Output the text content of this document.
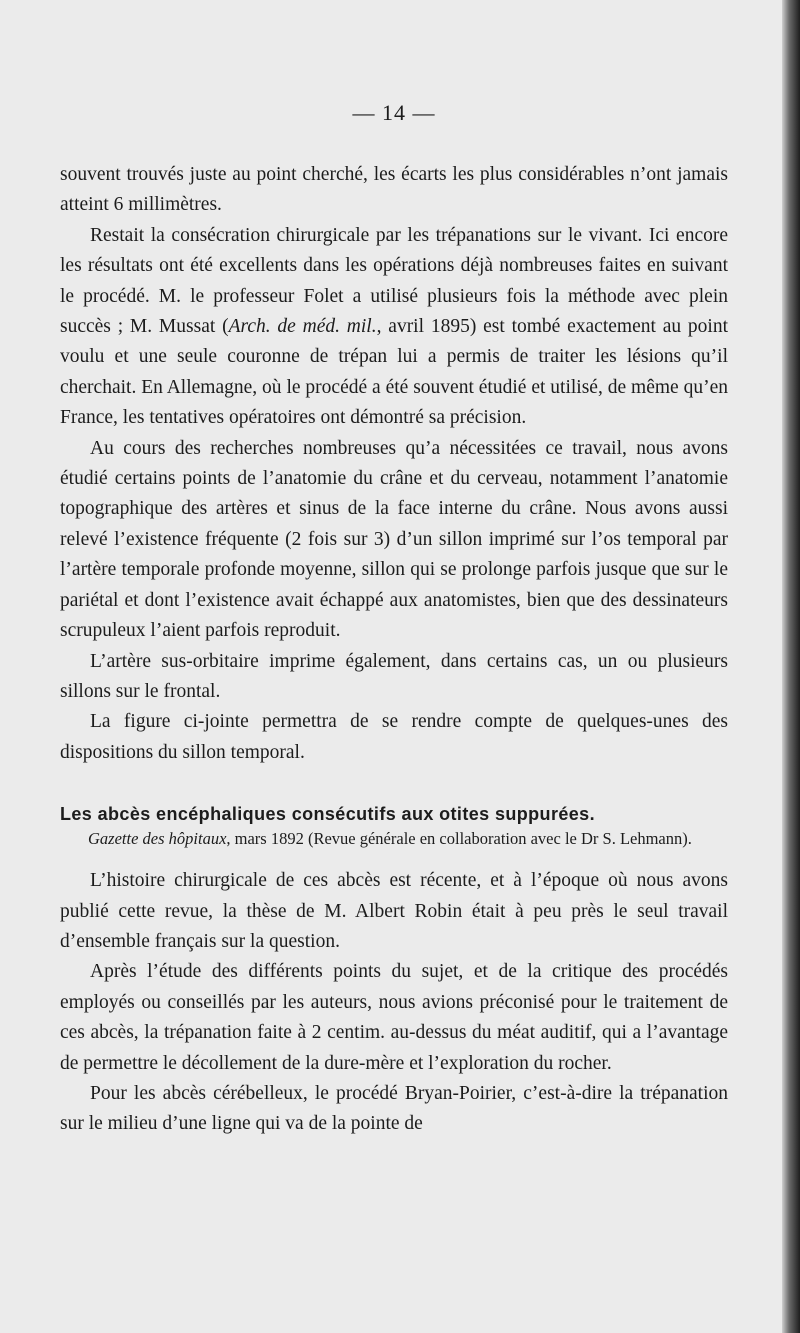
— 14 —

souvent trouvés juste au point cherché, les écarts les plus considérables n’ont jamais atteint 6 millimètres.

Restait la consécration chirurgicale par les trépanations sur le vivant. Ici encore les résultats ont été excellents dans les opérations déjà nombreuses faites en suivant le procédé. M. le professeur Folet a utilisé plusieurs fois la méthode avec plein succès ; M. Mussat (Arch. de méd. mil., avril 1895) est tombé exactement au point voulu et une seule couronne de trépan lui a permis de traiter les lésions qu’il cherchait. En Allemagne, où le procédé a été souvent étudié et utilisé, de même qu’en France, les tentatives opératoires ont démontré sa précision.

Au cours des recherches nombreuses qu’a nécessitées ce travail, nous avons étudié certains points de l’anatomie du crâne et du cerveau, notamment l’anatomie topographique des artères et sinus de la face interne du crâne. Nous avons aussi relevé l’existence fréquente (2 fois sur 3) d’un sillon imprimé sur l’os temporal par l’artère temporale profonde moyenne, sillon qui se prolonge parfois jusque que sur le pariétal et dont l’existence avait échappé aux anatomistes, bien que des dessinateurs scrupuleux l’aient parfois reproduit.

L’artère sus-orbitaire imprime également, dans certains cas, un ou plusieurs sillons sur le frontal.

La figure ci-jointe permettra de se rendre compte de quelques-unes des dispositions du sillon temporal.

Les abcès encéphaliques consécutifs aux otites suppurées.
Gazette des hôpitaux, mars 1892 (Revue générale en collaboration avec le Dr S. Lehmann).

L’histoire chirurgicale de ces abcès est récente, et à l’époque où nous avons publié cette revue, la thèse de M. Albert Robin était à peu près le seul travail d’ensemble français sur la question.

Après l’étude des différents points du sujet, et de la critique des procédés employés ou conseillés par les auteurs, nous avions préconisé pour le traitement de ces abcès, la trépanation faite à 2 centim. au-dessus du méat auditif, qui a l’avantage de permettre le décollement de la dure-mère et l’exploration du rocher.

Pour les abcès cérébelleux, le procédé Bryan-Poirier, c’est-à-dire la trépanation sur le milieu d’une ligne qui va de la pointe de
